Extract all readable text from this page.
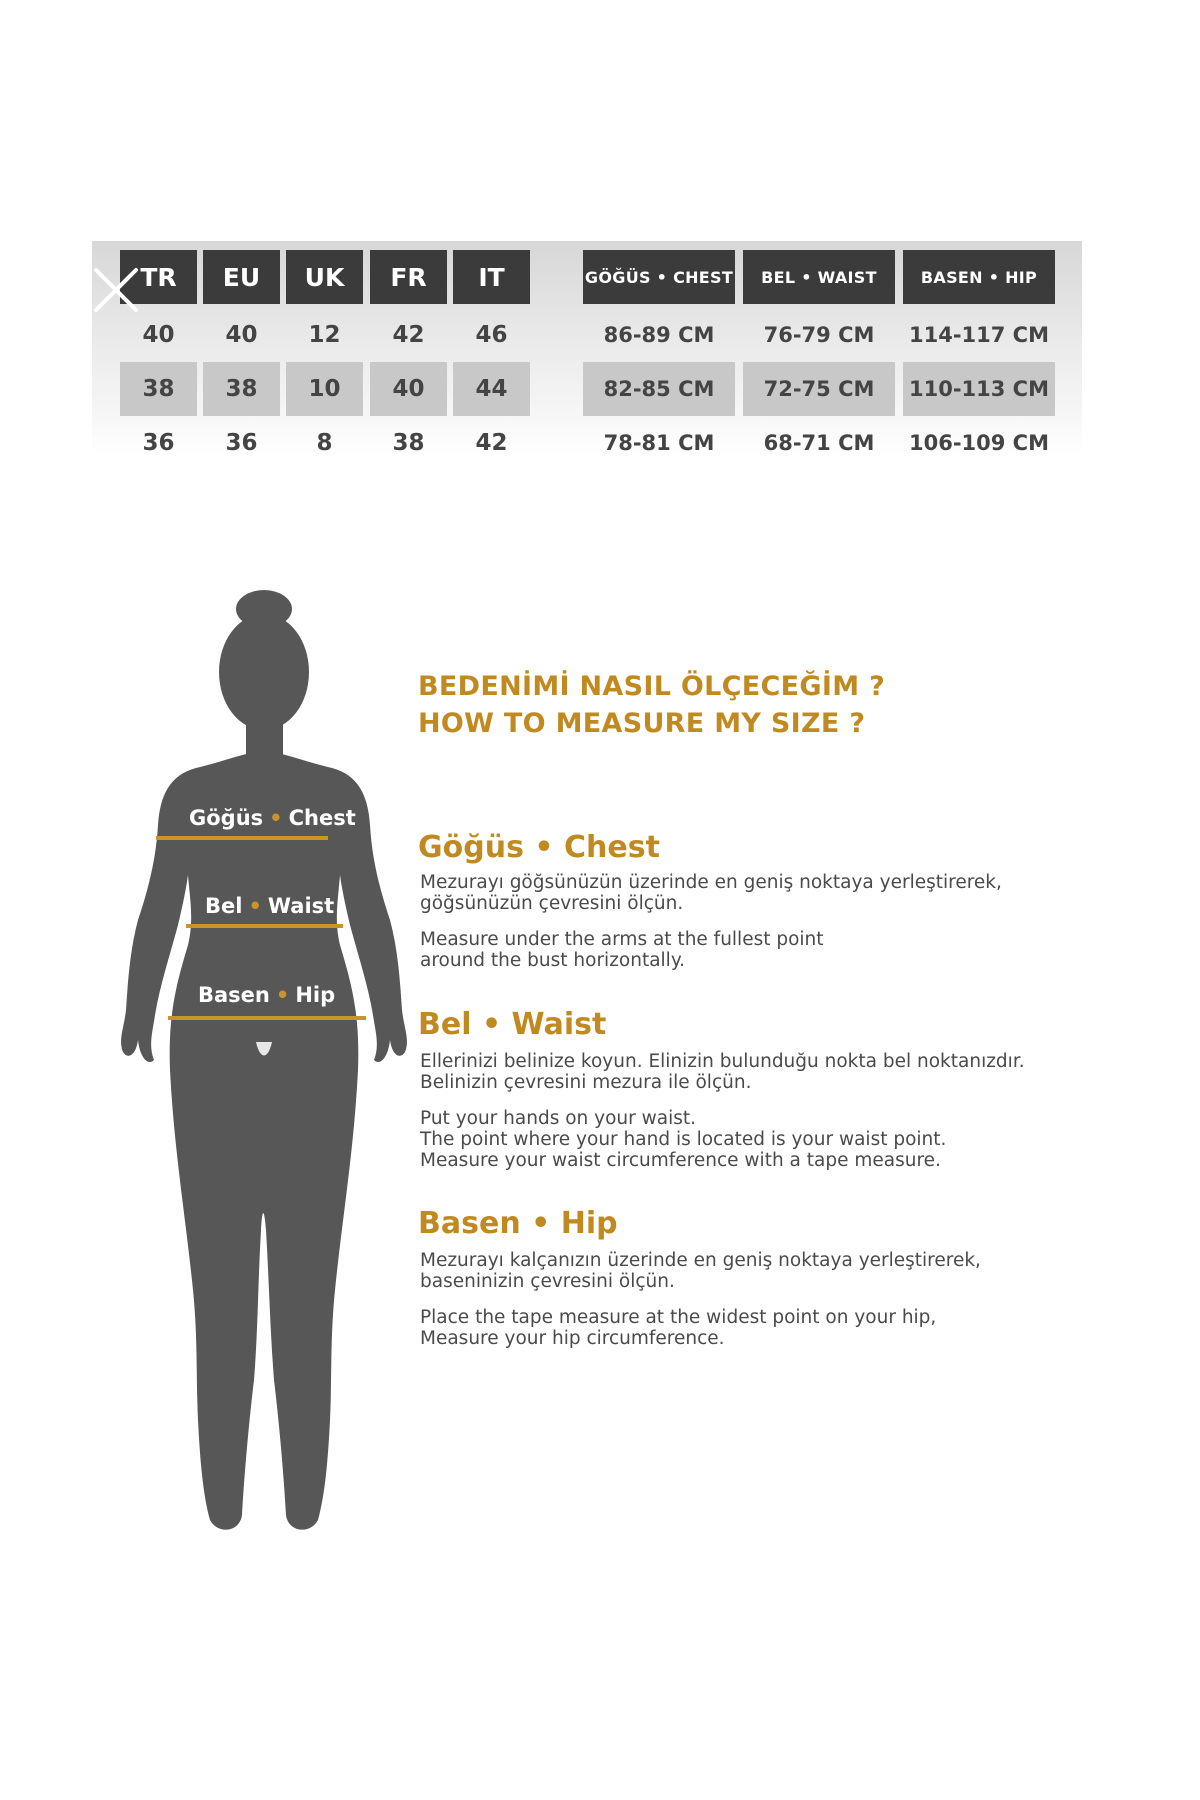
TR	EU	UK	FR	IT	GÖĞÜS • CHEST	BEL • WAIST	BASEN • HIP
40	40	12	42	46	86-89 CM	76-79 CM	114-117 CM
38	38	10	40	44	82-85 CM	72-75 CM	110-113 CM
36	36	8	38	42	78-81 CM	68-71 CM	106-109 CM
Göğüs • Chest
Bel • Waist
Basen • Hip
BEDENİMİ NASIL ÖLÇECEĞİM ?
HOW TO MEASURE MY SIZE ?
Göğüs • Chest
Mezurayı göğsünüzün üzerinde en geniş noktaya yerleştirerek,
göğsünüzün çevresini ölçün.
Measure under the arms at the fullest point
around the bust horizontally.
Bel • Waist
Ellerinizi belinize koyun. Elinizin bulunduğu nokta bel noktanızdır.
Belinizin çevresini mezura ile ölçün.
Put your hands on your waist.
The point where your hand is located is your waist point.
Measure your waist circumference with a tape measure.
Basen • Hip
Mezurayı kalçanızın üzerinde en geniş noktaya yerleştirerek,
baseninizin çevresini ölçün.
Place the tape measure at the widest point on your hip,
Measure your hip circumference.
